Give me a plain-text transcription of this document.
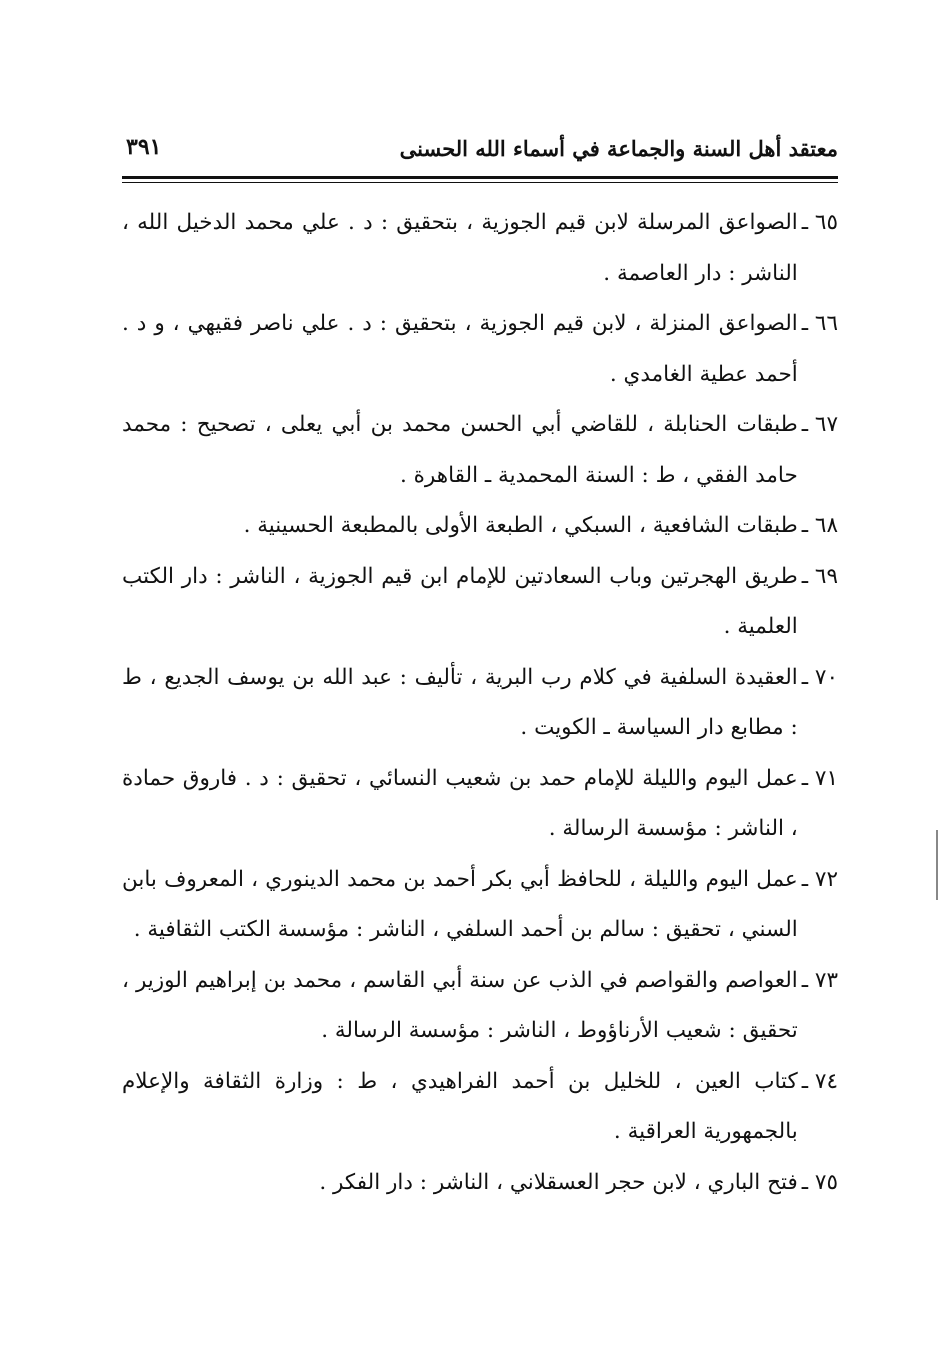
معتقد أهل السنة والجماعة في أسماء الله الحسنى
٣٩١
٦٥ ـ
الصواعق المرسلة لابن قيم الجوزية ، بتحقيق : د . علي محمد الدخيل الله ، الناشر : دار العاصمة .
٦٦ ـ
الصواعق المنزلة ، لابن قيم الجوزية ، بتحقيق : د . علي ناصر فقيهي ، و د . أحمد عطية الغامدي .
٦٧ ـ
طبقات الحنابلة ، للقاضي أبي الحسن محمد بن أبي يعلى ، تصحيح : محمد حامد الفقي ، ط : السنة المحمدية ـ القاهرة .
٦٨ ـ
طبقات الشافعية ، السبكي ، الطبعة الأولى بالمطبعة الحسينية .
٦٩ ـ
طريق الهجرتين وباب السعادتين للإمام ابن قيم الجوزية ، الناشر : دار الكتب العلمية .
٧٠ ـ
العقيدة السلفية في كلام رب البرية ، تأليف : عبد الله بن يوسف الجديع ، ط : مطابع دار السياسة ـ الكويت .
٧١ ـ
عمل اليوم والليلة للإمام حمد بن شعيب النسائي ، تحقيق : د . فاروق حمادة ، الناشر : مؤسسة الرسالة .
٧٢ ـ
عمل اليوم والليلة ، للحافظ أبي بكر أحمد بن محمد الدينوري ، المعروف بابن السني ، تحقيق : سالم بن أحمد السلفي ، الناشر : مؤسسة الكتب الثقافية .
٧٣ ـ
العواصم والقواصم في الذب عن سنة أبي القاسم ، محمد بن إبراهيم الوزير ، تحقيق : شعيب الأرناؤوط ، الناشر : مؤسسة الرسالة .
٧٤ ـ
كتاب العين ، للخليل بن أحمد الفراهيدي ، ط : وزارة الثقافة والإعلام بالجمهورية العراقية .
٧٥ ـ
فتح الباري ، لابن حجر العسقلاني ، الناشر : دار الفكر .
